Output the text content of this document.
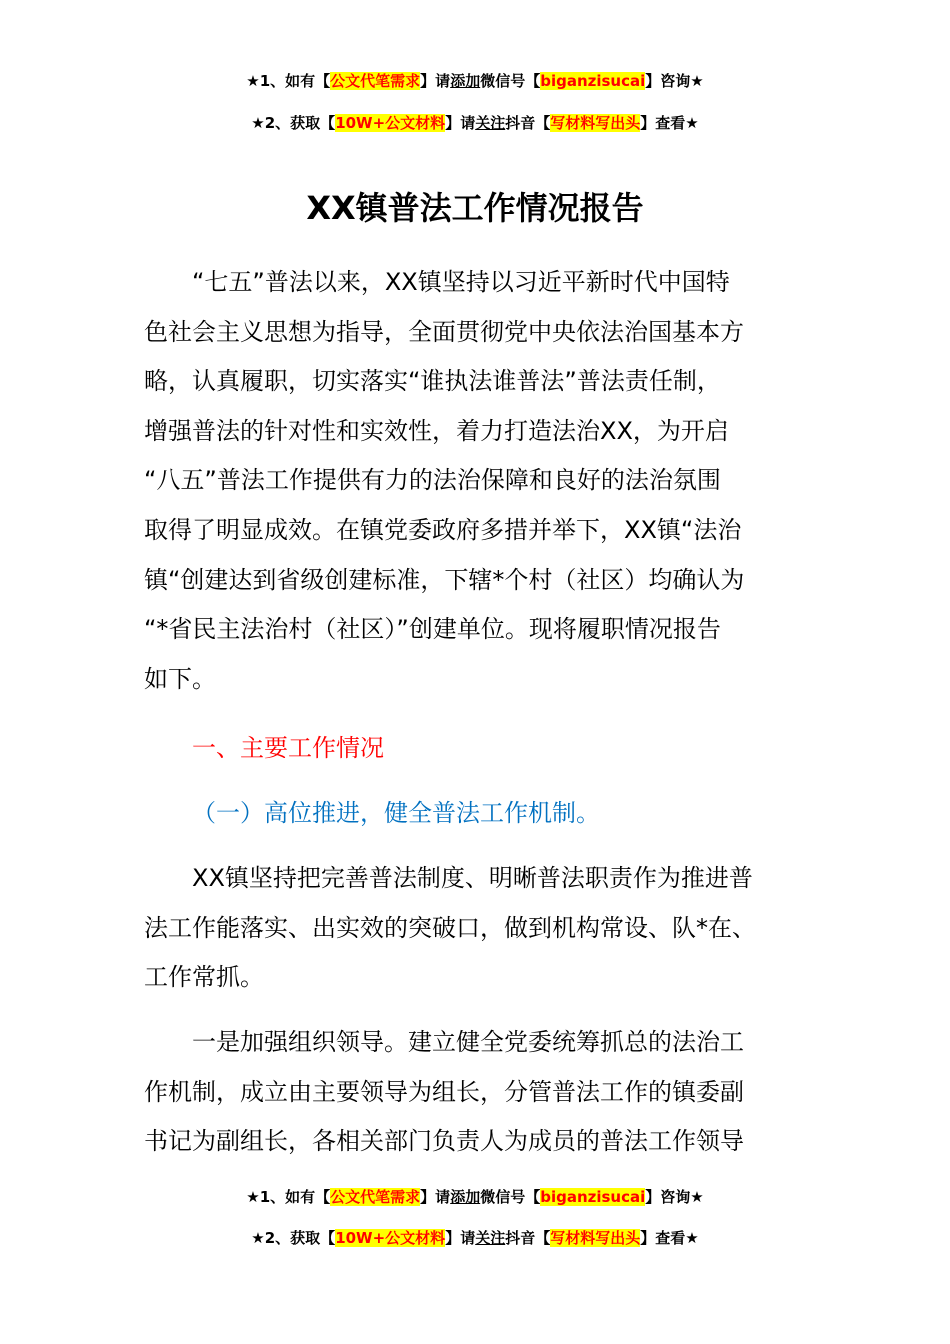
★1、如有【公文代笔需求】请添加微信号【biganzisucai】咨询★
★2、获取【10W+公文材料】请关注抖音【写材料写出头】查看★
XX镇普法工作情况报告
“七五”普法以来，XX镇坚持以习近平新时代中国特
色社会主义思想为指导，全面贯彻党中央依法治国基本方
略，认真履职，切实落实“谁执法谁普法”普法责任制，
增强普法的针对性和实效性，着力打造法治XX，为开启
“八五”普法工作提供有力的法治保障和良好的法治氛围
取得了明显成效。在镇党委政府多措并举下，XX镇“法治
镇“创建达到省级创建标准，下辖*个村（社区）均确认为
“*省民主法治村（社区）”创建单位。现将履职情况报告
如下。
一、主要工作情况
（一）高位推进，健全普法工作机制。
XX镇坚持把完善普法制度、明晰普法职责作为推进普
法工作能落实、出实效的突破口，做到机构常设、队*在、
工作常抓。
一是加强组织领导。建立健全党委统筹抓总的法治工
作机制，成立由主要领导为组长，分管普法工作的镇委副
书记为副组长，各相关部门负责人为成员的普法工作领导
★1、如有【公文代笔需求】请添加微信号【biganzisucai】咨询★
★2、获取【10W+公文材料】请关注抖音【写材料写出头】查看★
